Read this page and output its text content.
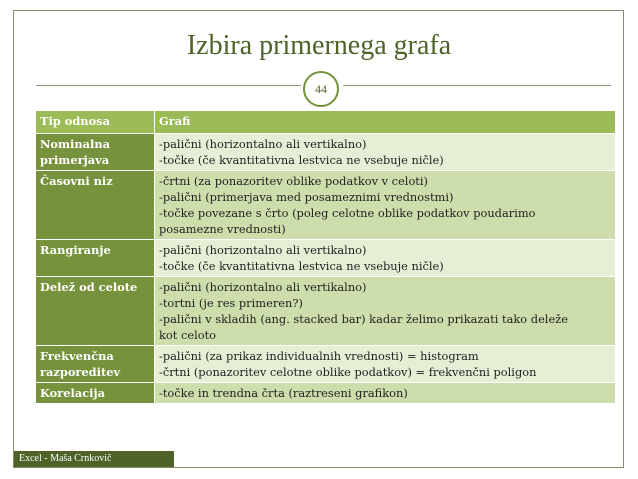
Izbira primernega grafa
44
Tip odnosa	Grafi
Nominalna primerjava	-palični (horizontalno ali vertikalno)
-točke (če kvantitativna lestvica ne vsebuje ničle)

Časovni niz	-črtni (za ponazoritev oblike podatkov v celoti)
-palični (primerjava med posameznimi vrednostmi)
-točke povezane s črto (poleg celotne oblike podatkov poudarimo
posamezne vrednosti)

Rangiranje	-palični (horizontalno ali vertikalno)
-točke (če kvantitativna lestvica ne vsebuje ničle)

Delež od celote	-palični (horizontalno ali vertikalno)
-tortni (je res primeren?)
-palični v skladih (ang. stacked bar) kadar želimo prikazati tako deleže
kot celoto

Frekvenčna razporeditev	-palični (za prikaz individualnih vrednosti) = histogram
-črtni (ponazoritev celotne oblike podatkov) = frekvenčni poligon

Korelacija	-točke in trendna črta (raztreseni grafikon)
Excel - Maša Crnkovič
